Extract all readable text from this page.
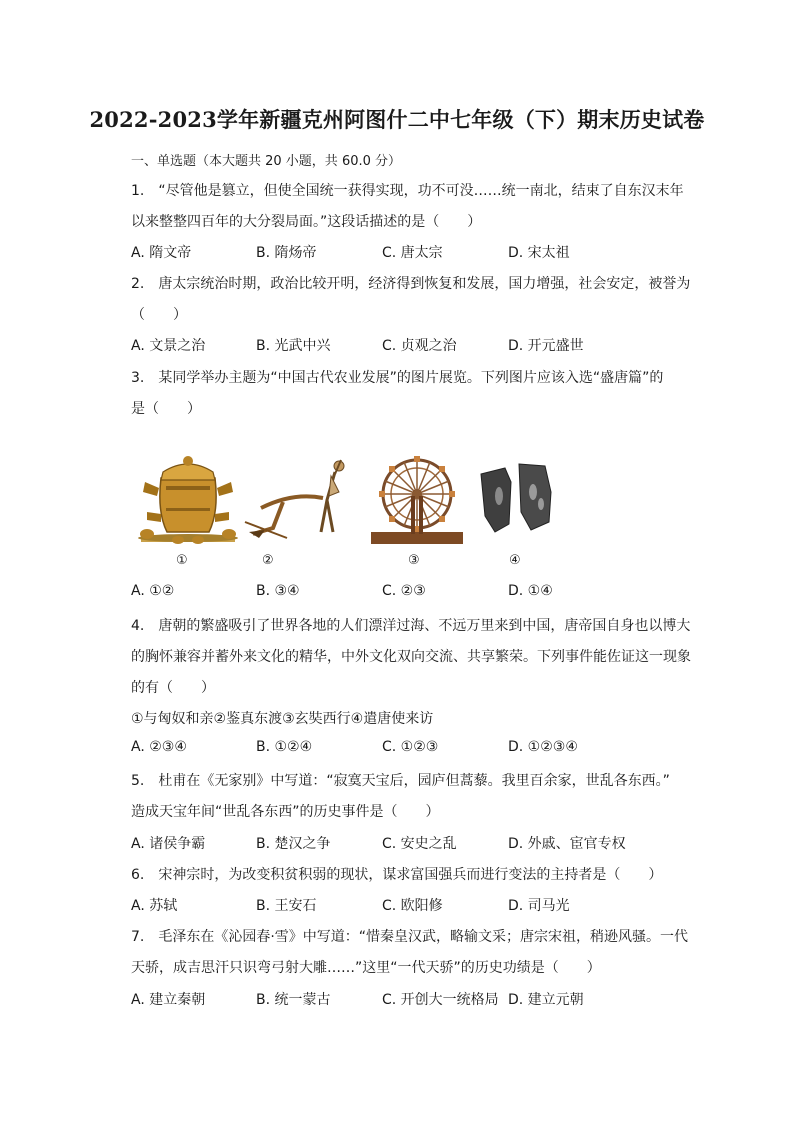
2022-2023学年新疆克州阿图什二中七年级（下）期末历史试卷
一、单选题（本大题共 20 小题，共 60.0 分）
1.　“尽管他是篡立，但使全国统一获得实现，功不可没……统一南北，结束了自东汉末年
以来整整四百年的大分裂局面。”这段话描述的是（　　）
A. 隋文帝	B. 隋炀帝	C. 唐太宗	D. 宋太祖
2.　唐太宗统治时期，政治比较开明，经济得到恢复和发展，国力增强，社会安定，被誉为
（　　）
A. 文景之治	B. 光武中兴	C. 贞观之治	D. 开元盛世
3.　某同学举办主题为“中国古代农业发展”的图片展览。下列图片应该入选“盛唐篇”的
是（　　）
①	②	③	④
A. ①②	B. ③④	C. ②③	D. ①④
4.　唐朝的繁盛吸引了世界各地的人们漂洋过海、不远万里来到中国，唐帝国自身也以博大
的胸怀兼容并蓄外来文化的精华，中外文化双向交流、共享繁荣。下列事件能佐证这一现象
的有（　　）
①与匈奴和亲②鉴真东渡③玄奘西行④遣唐使来访
A. ②③④	B. ①②④	C. ①②③	D. ①②③④
5.　杜甫在《无家别》中写道：“寂寞天宝后，园庐但蒿藜。我里百余家，世乱各东西。”
造成天宝年间“世乱各东西”的历史事件是（　　）
A. 诸侯争霸	B. 楚汉之争	C. 安史之乱	D. 外戚、宦官专权
6.　宋神宗时，为改变积贫积弱的现状，谋求富国强兵而进行变法的主持者是（　　）
A. 苏轼	B. 王安石	C. 欧阳修	D. 司马光
7.　毛泽东在《沁园春·雪》中写道：“惜秦皇汉武，略输文采；唐宗宋祖，稍逊风骚。一代
天骄，成吉思汗只识弯弓射大雕……”这里“一代天骄”的历史功绩是（　　）
A. 建立秦朝	B. 统一蒙古	C. 开创大一统格局 D. 建立元朝
